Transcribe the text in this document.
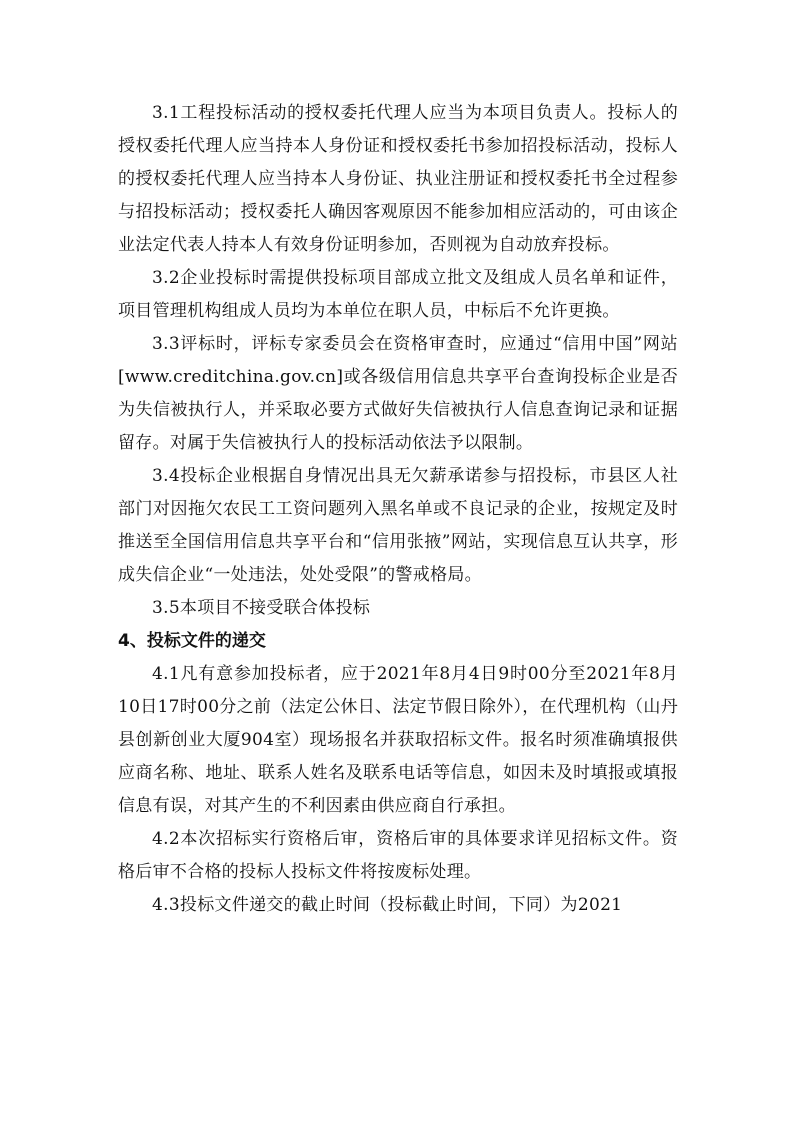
3.1工程投标活动的授权委托代理人应当为本项目负责人。投标人的授权委托代理人应当持本人身份证和授权委托书参加招投标活动，投标人的授权委托代理人应当持本人身份证、执业注册证和授权委托书全过程参与招投标活动；授权委托人确因客观原因不能参加相应活动的，可由该企业法定代表人持本人有效身份证明参加，否则视为自动放弃投标。

3.2企业投标时需提供投标项目部成立批文及组成人员名单和证件，项目管理机构组成人员均为本单位在职人员，中标后不允许更换。

3.3评标时，评标专家委员会在资格审查时，应通过“信用中国”网站[www.creditchina.gov.cn]或各级信用信息共享平台查询投标企业是否为失信被执行人，并采取必要方式做好失信被执行人信息查询记录和证据留存。对属于失信被执行人的投标活动依法予以限制。

3.4投标企业根据自身情况出具无欠薪承诺参与招投标，市县区人社部门对因拖欠农民工工资问题列入黑名单或不良记录的企业，按规定及时推送至全国信用信息共享平台和“信用张掖”网站，实现信息互认共享，形成失信企业“一处违法，处处受限”的警戒格局。

3.5本项目不接受联合体投标

4、投标文件的递交

4.1凡有意参加投标者，应于2021年8月4日9时00分至2021年8月10日17时00分之前（法定公休日、法定节假日除外），在代理机构（山丹县创新创业大厦904室）现场报名并获取招标文件。报名时须准确填报供应商名称、地址、联系人姓名及联系电话等信息，如因未及时填报或填报信息有误，对其产生的不利因素由供应商自行承担。

4.2本次招标实行资格后审，资格后审的具体要求详见招标文件。资格后审不合格的投标人投标文件将按废标处理。

4.3投标文件递交的截止时间（投标截止时间，下同）为2021
